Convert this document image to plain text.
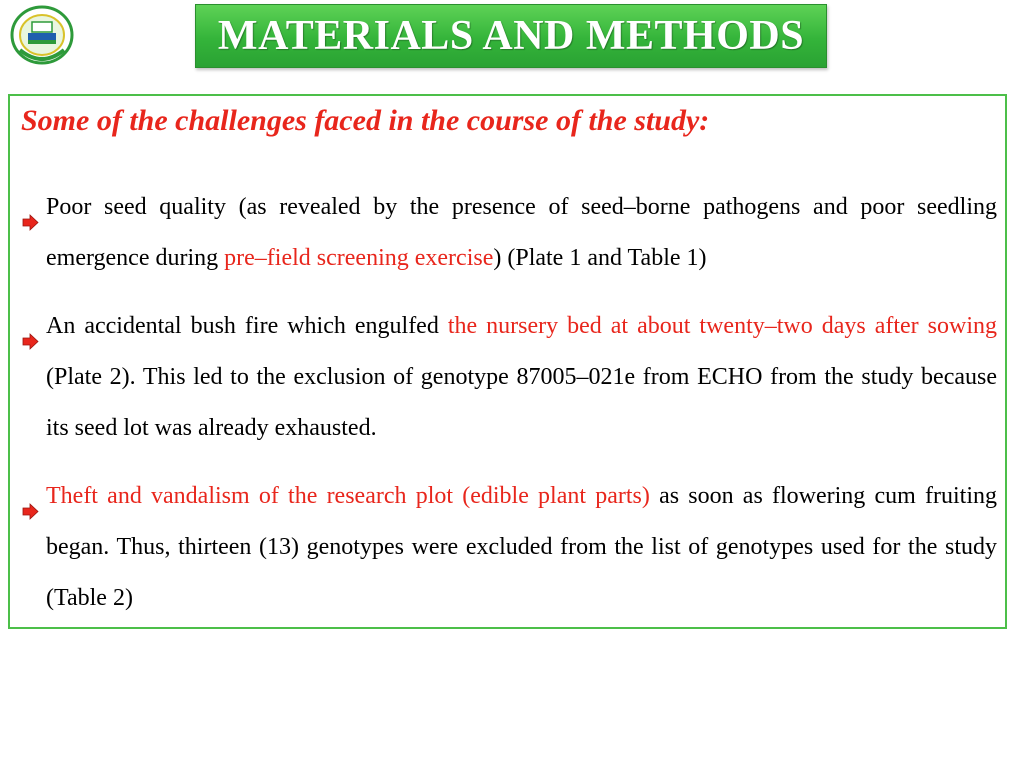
MATERIALS AND METHODS

Some of the challenges faced in the course of the study:

Poor seed quality (as revealed by the presence of seed–borne pathogens and poor seedling emergence during pre–field screening exercise) (Plate 1 and Table 1)
An accidental bush fire which engulfed the nursery bed at about twenty–two days after sowing (Plate 2). This led to the exclusion of genotype 87005–021e from ECHO from the study because its seed lot was already exhausted.
Theft and vandalism of the research plot (edible plant parts) as soon as flowering cum fruiting began. Thus, thirteen (13) genotypes were excluded from the list of genotypes used for the study (Table 2)
